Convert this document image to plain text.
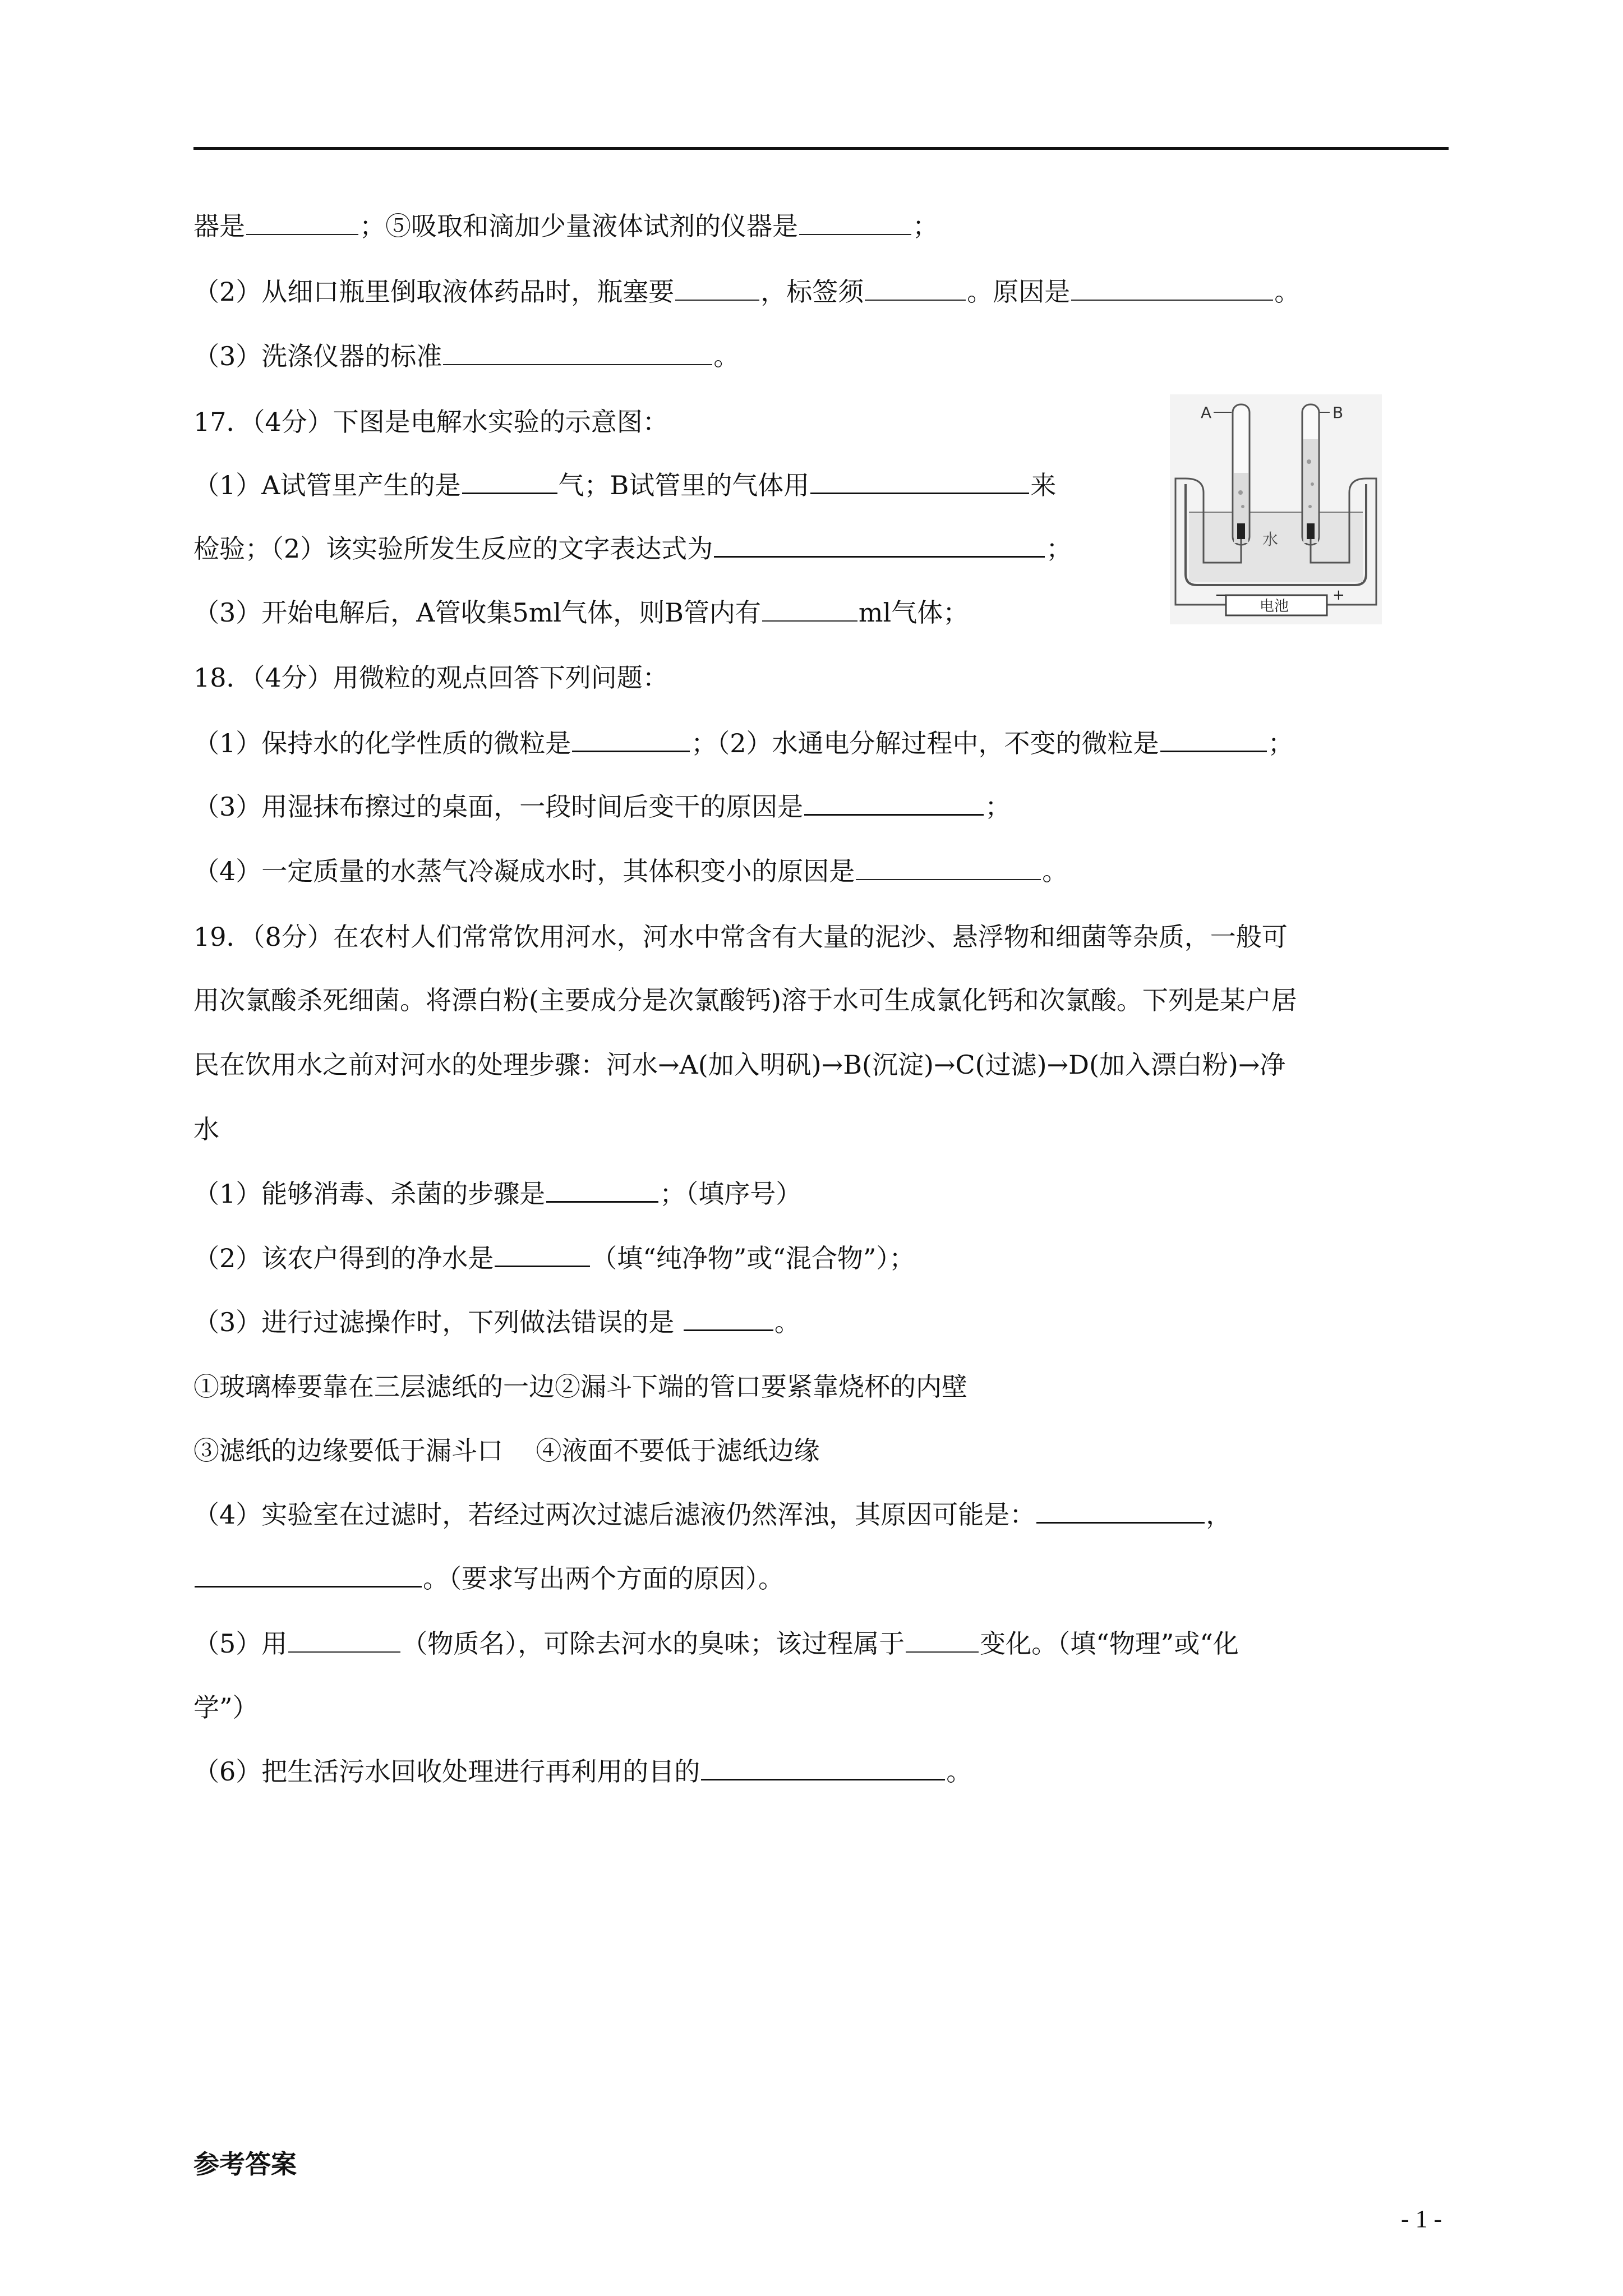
器是	；⑤吸取和滴加少量液体试剂的仪器是	；
（2）从细口瓶里倒取液体药品时，瓶塞要	，标签须	。原因是	。
（3）洗涤仪器的标准	。
17．（4分）下图是电解水实验的示意图：
（1）A试管里产生的是	气；B试管里的气体用	来
检验；（2）该实验所发生反应的文字表达式为	；
（3）开始电解后，A管收集5ml气体，则B管内有	ml气体；
18．（4分）用微粒的观点回答下列问题：
（1）保持水的化学性质的微粒是	；（2）水通电分解过程中，不变的微粒是	；
（3）用湿抹布擦过的桌面，一段时间后变干的原因是	；
（4）一定质量的水蒸气冷凝成水时，其体积变小的原因是	。
19．（8分）在农村人们常常饮用河水，河水中常含有大量的泥沙、悬浮物和细菌等杂质，一般可
用次氯酸杀死细菌。将漂白粉(主要成分是次氯酸钙)溶于水可生成氯化钙和次氯酸。下列是某户居
民在饮用水之前对河水的处理步骤：河水→A(加入明矾)→B(沉淀)→C(过滤)→D(加入漂白粉)→净
水
（1）能够消毒、杀菌的步骤是	；（填序号）
（2）该农户得到的净水是	（填“纯净物”或“混合物”）；
（3）进行过滤操作时，下列做法错误的是	。
①玻璃棒要靠在三层滤纸的一边②漏斗下端的管口要紧靠烧杯的内壁
③滤纸的边缘要低于漏斗口    ④液面不要低于滤纸边缘
（4）实验室在过滤时，若经过两次过滤后滤液仍然浑浊，其原因可能是：	，
。（要求写出两个方面的原因）。
（5）用	（物质名），可除去河水的臭味；该过程属于	变化。（填“物理”或“化
学”）
（6）把生活污水回收处理进行再利用的目的	。
A	B
水
电池
−	+
参考答案
- 1 -
